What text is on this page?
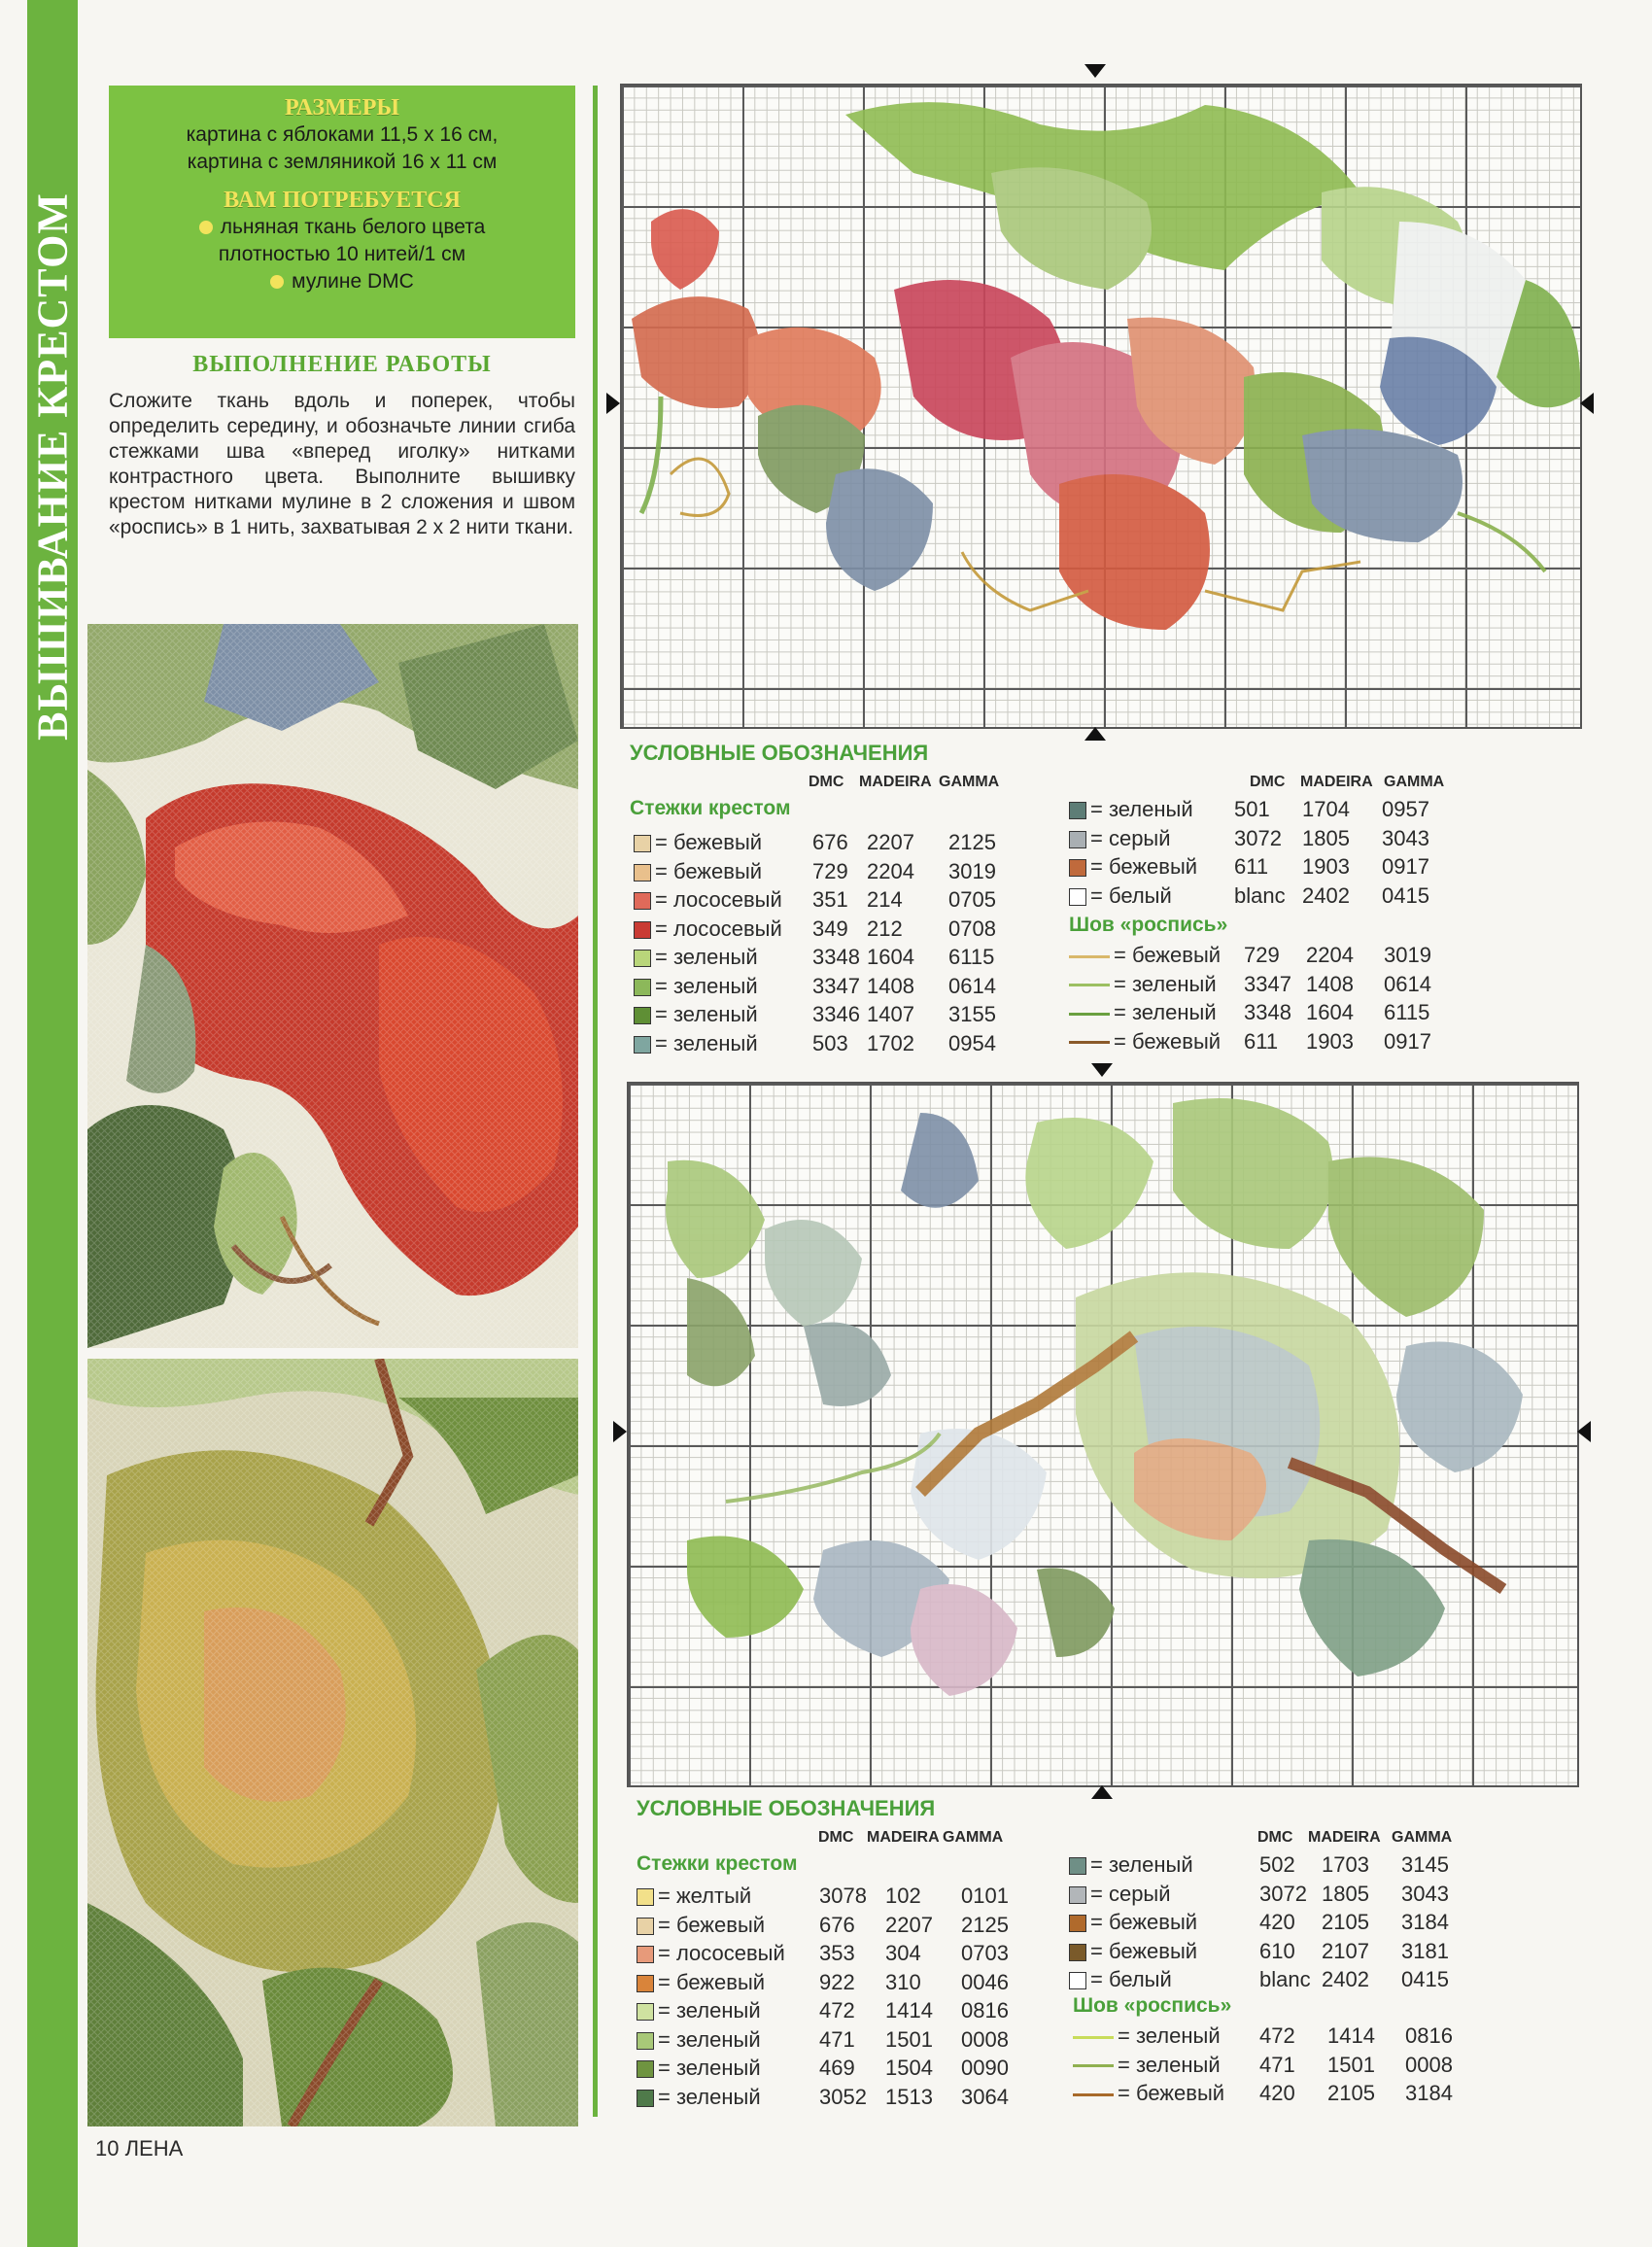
ВЫШИВАНИЕ КРЕСТОМ
РАЗМЕРЫ
картина с яблоками 11,5 x 16 см,
картина с земляникой 16 x 11 см
ВАМ ПОТРЕБУЕТСЯ
льняная ткань белого цвета
плотностью 10 нитей/1 см
мулине DMC
ВЫПОЛНЕНИЕ РАБОТЫ
Сложите ткань вдоль и поперек, чтобы определить середину, и обозначьте линии сгиба стежками шва «вперед иголку» нитками контрастного цвета. Выполните вышивку крестом нитками мулине в 2 сложения и швом «роспись» в 1 нить, захватывая 2 x 2 нити ткани.
УСЛОВНЫЕ ОБОЗНАЧЕНИЯ
DMC MADEIRA GAMMA	DMC MADEIRA GAMMA
Стежки крестом
= бежевый 676 2207 2125
= бежевый 729 2204 3019
= лососевый 351 214 0705
= лососевый 349 212 0708
= зеленый	3348 1604 6115
= зеленый	3347 1408 0614
= зеленый	3346 1407 3155
= зеленый	503 1702 0954
= зеленый 501 1704 0957
= серый	3072 1805 3043
= бежевый 611 1903 0917
= белый	blanc 2402 0415
Шов «роспись»
= бежевый 729 2204 3019
= зеленый 3347 1408 0614
= зеленый 3348 1604 6115
= бежевый 611 1903 0917
УСЛОВНЫЕ ОБОЗНАЧЕНИЯ
DMC MADEIRA GAMMA	DMC MADEIRA GAMMA
Стежки крестом
= желтый	3078 102 0101
= бежевый	676 2207 2125
= лососевый 353 304 0703
= бежевый	922 310 0046
= зеленый	472 1414 0816
= зеленый	471 1501 0008
= зеленый	469 1504 0090
= зеленый	3052 1513 3064
= зеленый	502 1703 3145
= серый	3072 1805 3043
= бежевый	420 2105 3184
= бежевый	610 2107 3181
= белый	blanc 2402 0415
Шов «роспись»
= зеленый 472 1414 0816
= зеленый 471 1501 0008
= бежевый 420 2105 3184
10 ЛЕНА
